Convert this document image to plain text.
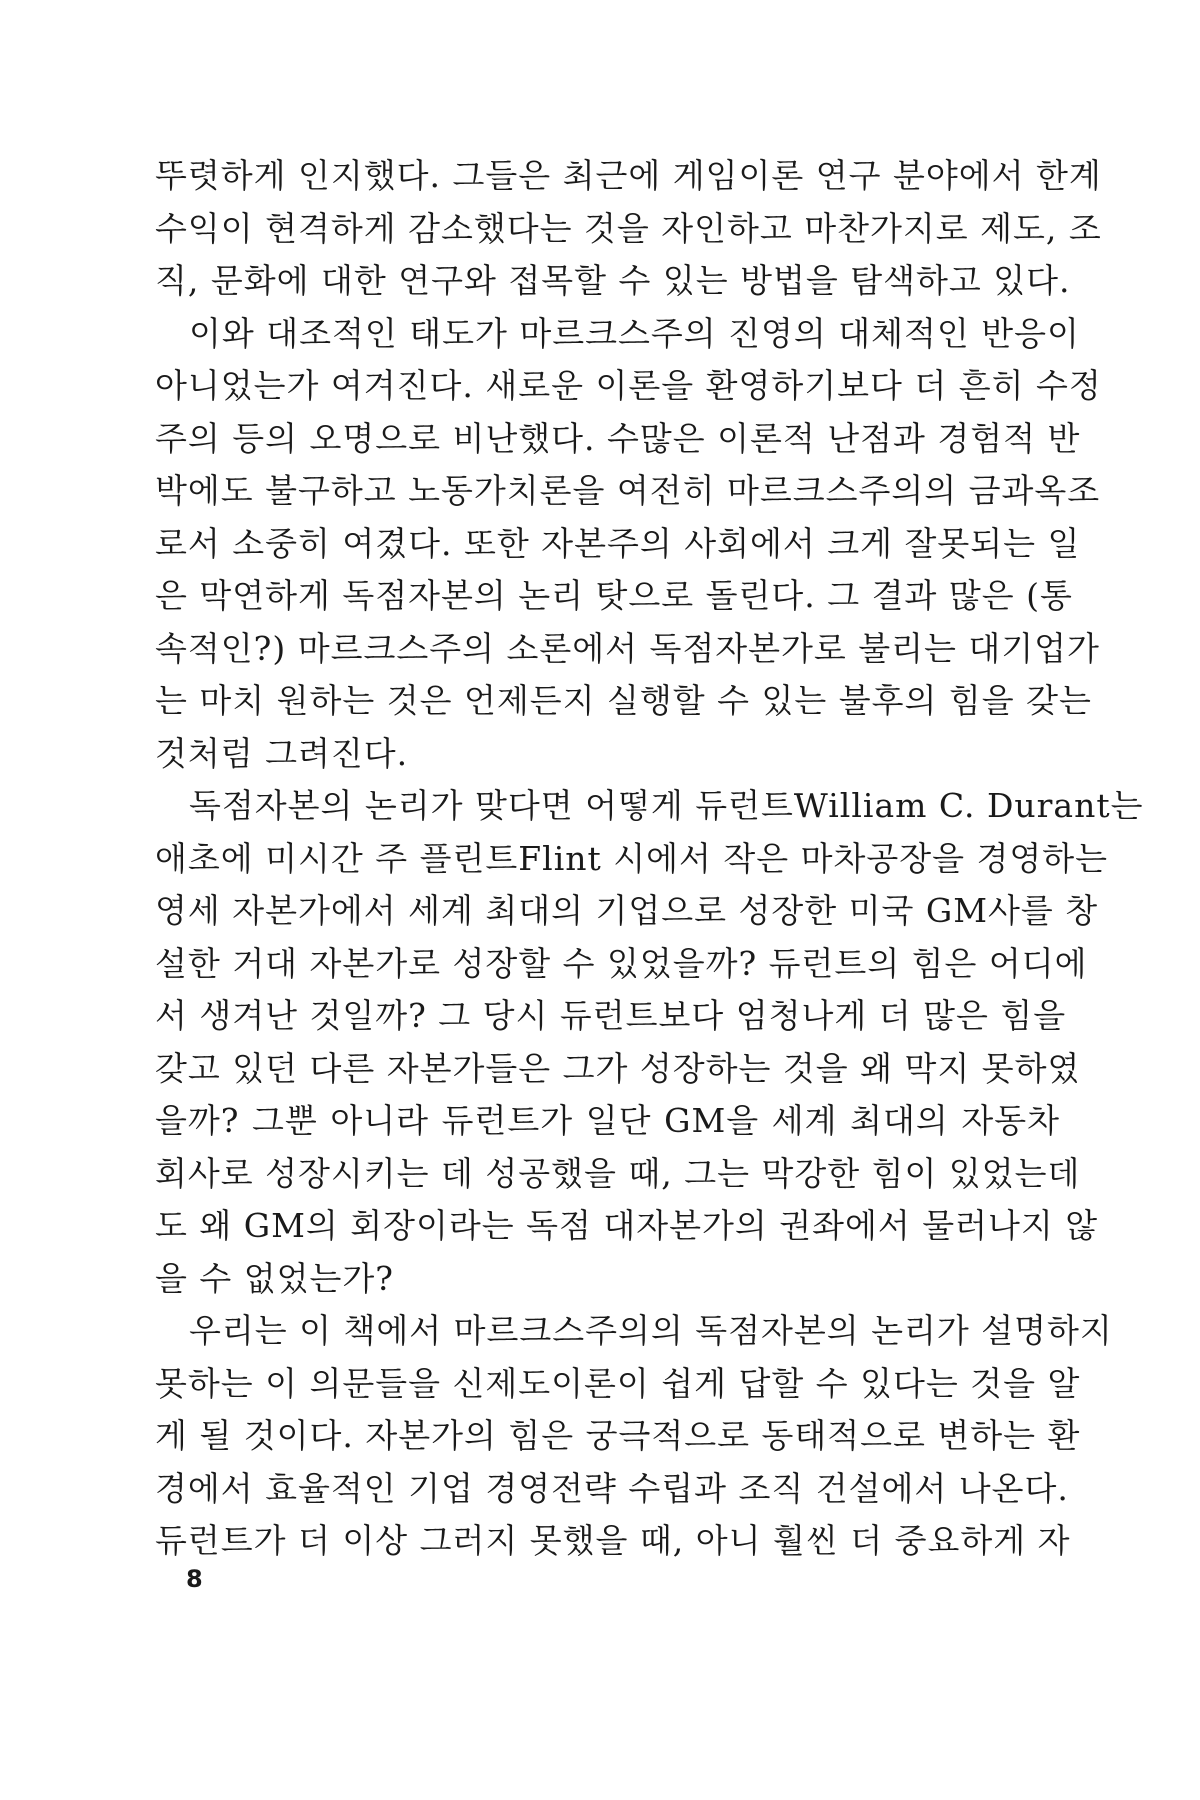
뚜렷하게 인지했다. 그들은 최근에 게임이론 연구 분야에서 한계
수익이 현격하게 감소했다는 것을 자인하고 마찬가지로 제도, 조
직, 문화에 대한 연구와 접목할 수 있는 방법을 탐색하고 있다.
　이와 대조적인 태도가 마르크스주의 진영의 대체적인 반응이
아니었는가 여겨진다. 새로운 이론을 환영하기보다 더 흔히 수정
주의 등의 오명으로 비난했다. 수많은 이론적 난점과 경험적 반
박에도 불구하고 노동가치론을 여전히 마르크스주의의 금과옥조
로서 소중히 여겼다. 또한 자본주의 사회에서 크게 잘못되는 일
은 막연하게 독점자본의 논리 탓으로 돌린다. 그 결과 많은 (통
속적인?) 마르크스주의 소론에서 독점자본가로 불리는 대기업가
는 마치 원하는 것은 언제든지 실행할 수 있는 불후의 힘을 갖는
것처럼 그려진다.
　독점자본의 논리가 맞다면 어떻게 듀런트William C. Durant는
애초에 미시간 주 플린트Flint 시에서 작은 마차공장을 경영하는
영세 자본가에서 세계 최대의 기업으로 성장한 미국 GM사를 창
설한 거대 자본가로 성장할 수 있었을까? 듀런트의 힘은 어디에
서 생겨난 것일까? 그 당시 듀런트보다 엄청나게 더 많은 힘을
갖고 있던 다른 자본가들은 그가 성장하는 것을 왜 막지 못하였
을까? 그뿐 아니라 듀런트가 일단 GM을 세계 최대의 자동차
회사로 성장시키는 데 성공했을 때, 그는 막강한 힘이 있었는데
도 왜 GM의 회장이라는 독점 대자본가의 권좌에서 물러나지 않
을 수 없었는가?
　우리는 이 책에서 마르크스주의의 독점자본의 논리가 설명하지
못하는 이 의문들을 신제도이론이 쉽게 답할 수 있다는 것을 알
게 될 것이다. 자본가의 힘은 궁극적으로 동태적으로 변하는 환
경에서 효율적인 기업 경영전략 수립과 조직 건설에서 나온다.
듀런트가 더 이상 그러지 못했을 때, 아니 훨씬 더 중요하게 자
8
